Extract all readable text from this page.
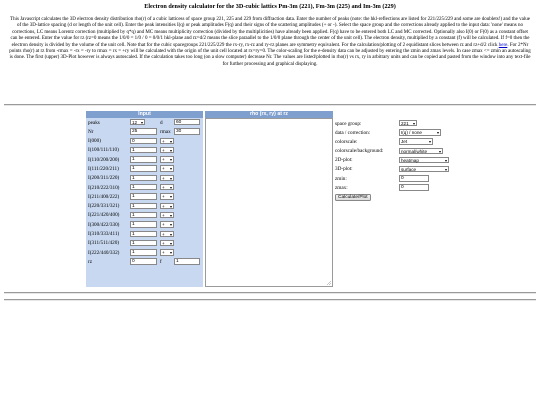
Electron density calculator for the 3D-cubic lattics Pm-3m (221), Fm-3m (225) and Im-3m (229)
This Javascript calculates the 3D electron density distribution rho(r) of a cubic latticess of space group 221, 225 and 229 from diffraction data. Enter the number of peaks (note: the hkl-reflections are listed for 221/225/229 and some are doublets!) and the value of the 3D-lattice spacing (d or length of the unit cell). Enter the peak intensities I(q) or peak amplitudes F(q) and their signs of the scattering amplitudes (+ or -). Select the space group and the corrections already applied to the input data: 'none' means no corrections, LC means Lorentz correction (multiplied by q*q) and MC means multiplicity correction (divided by the multiplicities) have already been applied. F(q) have to be entered both LC and MC corrected. Optionally also I(0) or F(0) as a constant offset can be entered. Enter the value for rz (rz=0 means the 1/0/0 = 1/0 / 0 = 0/0/1 hkl-plane and rz=d/2 means the slice paraallel to the 1/0/0 plane through the center of the unit cell). The electron density, multiplied by a constant (f) will be calculated. If f=0 then the electron density is divided by the volume of the unit cell. Note that for the cubic spacegroups 221/225/229 the rx-ry, rx-rz and ry-rz planes are symmetry equivalent. For the calculation/plotting of 2 equidistant slices between rz and rz+d/2 click here. For 2*Nr points rho(r) at rz from -rmax = -rx = -ry to rmax = rx = +ry will be calculated with the origin of the unit cell located at rx=ry=0. The color-scaling for the e-density data can be adjusted by entering the zmin and zmax levels. In case zmax <= zmin an autoscaling is done. The first (upper) 3D-Plot however is always autoscaled. If the calculation takes too long (on a slow computer) decrease Nr. The values are listed/plotted in rho(r) vs rx, ry in arbitrary units and can be copied and pasted from the window into any text-file for further processing and graphical displaying.
Input
peaks	12 ▾	d	60
Nr	25	rmax	30
I(000)	0	+ ▾
I(100/111/110)	1	+ ▾
I(110/200/200)	1	+ ▾
I(111/220/211)	1	+ ▾
I(200/311/220)	1	+ ▾
I(210/222/310)	1	+ ▾
I(211/400/222)	1	+ ▾
I(220/331/321)	1	+ ▾
I(221/420/400)	1	+ ▾
I(300/422/330)	1	+ ▾
I(310/333/411)	1	+ ▾
I(311/511/420)	1	+ ▾
I(222/440/332)	1	+ ▾
rz	0	f	1
rho (rx, ry) at rz
space group:	221 ▾
data / correction:	I(q) / none	▾
colorscale:	Jet	▾
colorscale/background:	normal/white	▾
2D-plot:	heatmap	▾
3D-plot:	surface	▾
zmin:	0
zmax:	0
Calculate/Plot
